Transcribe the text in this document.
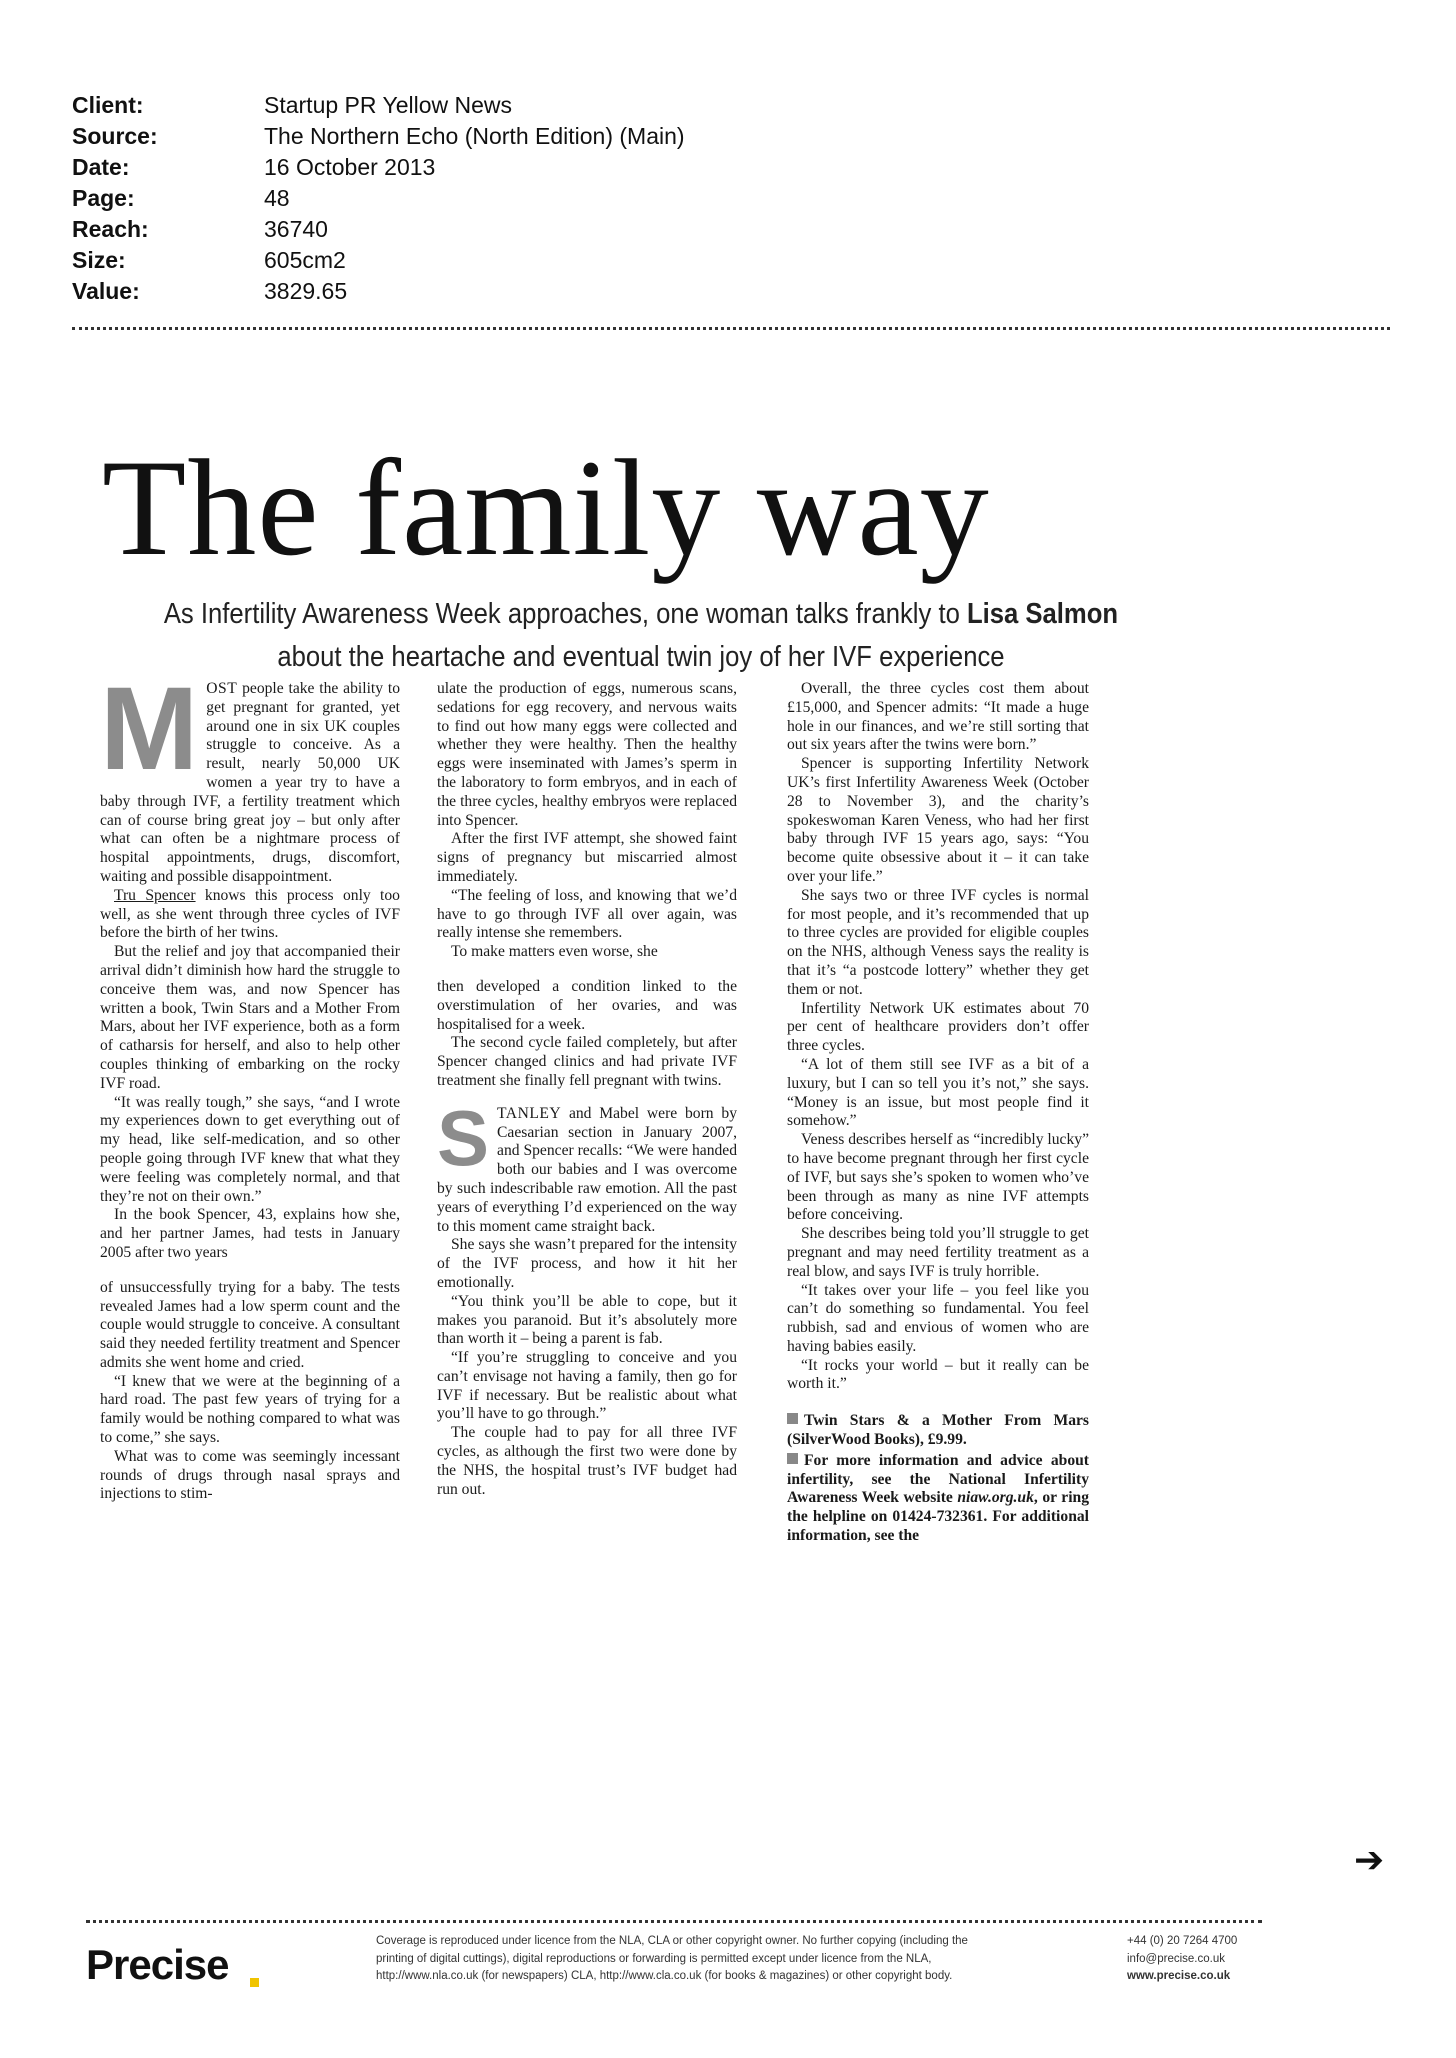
Client:	Startup PR Yellow News
Source:	The Northern Echo (North Edition) (Main)
Date:	16 October 2013
Page:	48
Reach:	36740
Size:	605cm2
Value:	3829.65
The family way
As Infertility Awareness Week approaches, one woman talks frankly to Lisa Salmon
about the heartache and eventual twin joy of her IVF experience

MOST people take the ability to get pregnant for granted, yet around one in six UK couples struggle to conceive. As a result, nearly 50,000 UK women a year try to have a baby through IVF, a fertility treatment which can of course bring great joy – but only after what can often be a nightmare process of hospital appointments, drugs, discomfort, waiting and possible disappointment.

Tru Spencer knows this process only too well, as she went through three cycles of IVF before the birth of her twins.

But the relief and joy that accompanied their arrival didn’t diminish how hard the struggle to conceive them was, and now Spencer has written a book, Twin Stars and a Mother From Mars, about her IVF experience, both as a form of catharsis for herself, and also to help other couples thinking of embarking on the rocky IVF road.

“It was really tough,” she says, “and I wrote my experiences down to get everything out of my head, like self-medication, and so other people going through IVF knew that what they were feeling was completely normal, and that they’re not on their own.”

In the book Spencer, 43, explains how she, and her partner James, had tests in January 2005 after two years

of unsuccessfully trying for a baby. The tests revealed James had a low sperm count and the couple would struggle to conceive. A consultant said they needed fertility treatment and Spencer admits she went home and cried.

“I knew that we were at the beginning of a hard road. The past few years of trying for a family would be nothing compared to what was to come,” she says.

What was to come was seemingly incessant rounds of drugs through nasal sprays and injections to stim-

ulate the production of eggs, numerous scans, sedations for egg recovery, and nervous waits to find out how many eggs were collected and whether they were healthy. Then the healthy eggs were inseminated with James’s sperm in the laboratory to form embryos, and in each of the three cycles, healthy embryos were replaced into Spencer.

After the first IVF attempt, she showed faint signs of pregnancy but miscarried almost immediately.

“The feeling of loss, and knowing that we’d have to go through IVF all over again, was really intense she remembers.

To make matters even worse, she

then developed a condition linked to the overstimulation of her ovaries, and was hospitalised for a week.

The second cycle failed completely, but after Spencer changed clinics and had private IVF treatment she finally fell pregnant with twins.

STANLEY and Mabel were born by Caesarian section in January 2007, and Spencer recalls: “We were handed both our babies and I was overcome by such indescribable raw emotion. All the past years of everything I’d experienced on the way to this moment came straight back.

She says she wasn’t prepared for the intensity of the IVF process, and how it hit her emotionally.

“You think you’ll be able to cope, but it makes you paranoid. But it’s absolutely more than worth it – being a parent is fab.

“If you’re struggling to conceive and you can’t envisage not having a family, then go for IVF if necessary. But be realistic about what you’ll have to go through.”

The couple had to pay for all three IVF cycles, as although the first two were done by the NHS, the hospital trust’s IVF budget had run out.

Overall, the three cycles cost them about £15,000, and Spencer admits: “It made a huge hole in our finances, and we’re still sorting that out six years after the twins were born.”

Spencer is supporting Infertility Network UK’s first Infertility Awareness Week (October 28 to November 3), and the charity’s spokeswoman Karen Veness, who had her first baby through IVF 15 years ago, says: “You become quite obsessive about it – it can take over your life.”

She says two or three IVF cycles is normal for most people, and it’s recommended that up to three cycles are provided for eligible couples on the NHS, although Veness says the reality is that it’s “a postcode lottery” whether they get them or not.

Infertility Network UK estimates about 70 per cent of healthcare providers don’t offer three cycles.

“A lot of them still see IVF as a bit of a luxury, but I can so tell you it’s not,” she says. “Money is an issue, but most people find it somehow.”

Veness describes herself as “incredibly lucky” to have become pregnant through her first cycle of IVF, but says she’s spoken to women who’ve been through as many as nine IVF attempts before conceiving.

She describes being told you’ll struggle to get pregnant and may need fertility treatment as a real blow, and says IVF is truly horrible.

“It takes over your life – you feel like you can’t do something so fundamental. You feel rubbish, sad and envious of women who are having babies easily.

“It rocks your world – but it really can be worth it.”

Twin Stars & a Mother From Mars (SilverWood Books), £9.99.

For more information and advice about infertility, see the National Infertility Awareness Week website niaw.org.uk, or ring the helpline on 01424-732361. For additional information, see the

➔
Precise	Coverage is reproduced under licence from the NLA, CLA or other copyright owner. No further copying (including the
printing of digital cuttings), digital reproductions or forwarding is permitted except under licence from the NLA,
http://www.nla.co.uk (for newspapers) CLA, http://www.cla.co.uk (for books & magazines) or other copyright body.
+44 (0) 20 7264 4700
info@precise.co.uk
www.precise.co.uk
